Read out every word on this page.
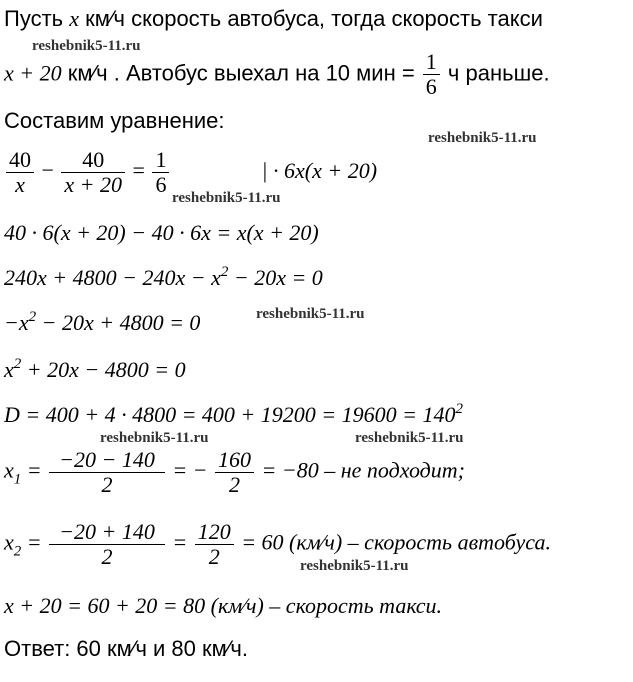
Пусть x км⁄ч скорость автобуса, тогда скорость такси
x + 20 км⁄ч . Автобус выехал на 10 мин = $\frac{1}{6}$ ч раньше.
Составим уравнение:
$\frac{40}{x} - \frac{40}{x + 20} = \frac{1}{6}$	| · 6x(x + 20)
40 · 6(x + 20) − 40 · 6x = x(x + 20)
$240x + 4800 - 240x - x^2 - 20x = 0$
$-x^2 - 20x + 4800 = 0$
$x^2 + 20x - 4800 = 0$
$D = 400 + 4 \cdot 4800 = 400 + 19200 = 19600 = 140^2$
$x_1 = \frac{-20 - 140}{2}$ = − $\frac{160}{2} = -80$ – не подходит;
$x_2 = \frac{-20 + 140}{2} = \frac{120}{2} = 60$ (км⁄ч) – скорость автобуса.
x + 20 = 60 + 20 = 80 (км⁄ч) – скорость такси.
Ответ: 60 км⁄ч и 80 км⁄ч.
reshebnik5-11.ru
reshebnik5-11.ru
reshebnik5-11.ru
reshebnik5-11.ru
reshebnik5-11.ru	reshebnik5-11.ru
reshebnik5-11.ru
